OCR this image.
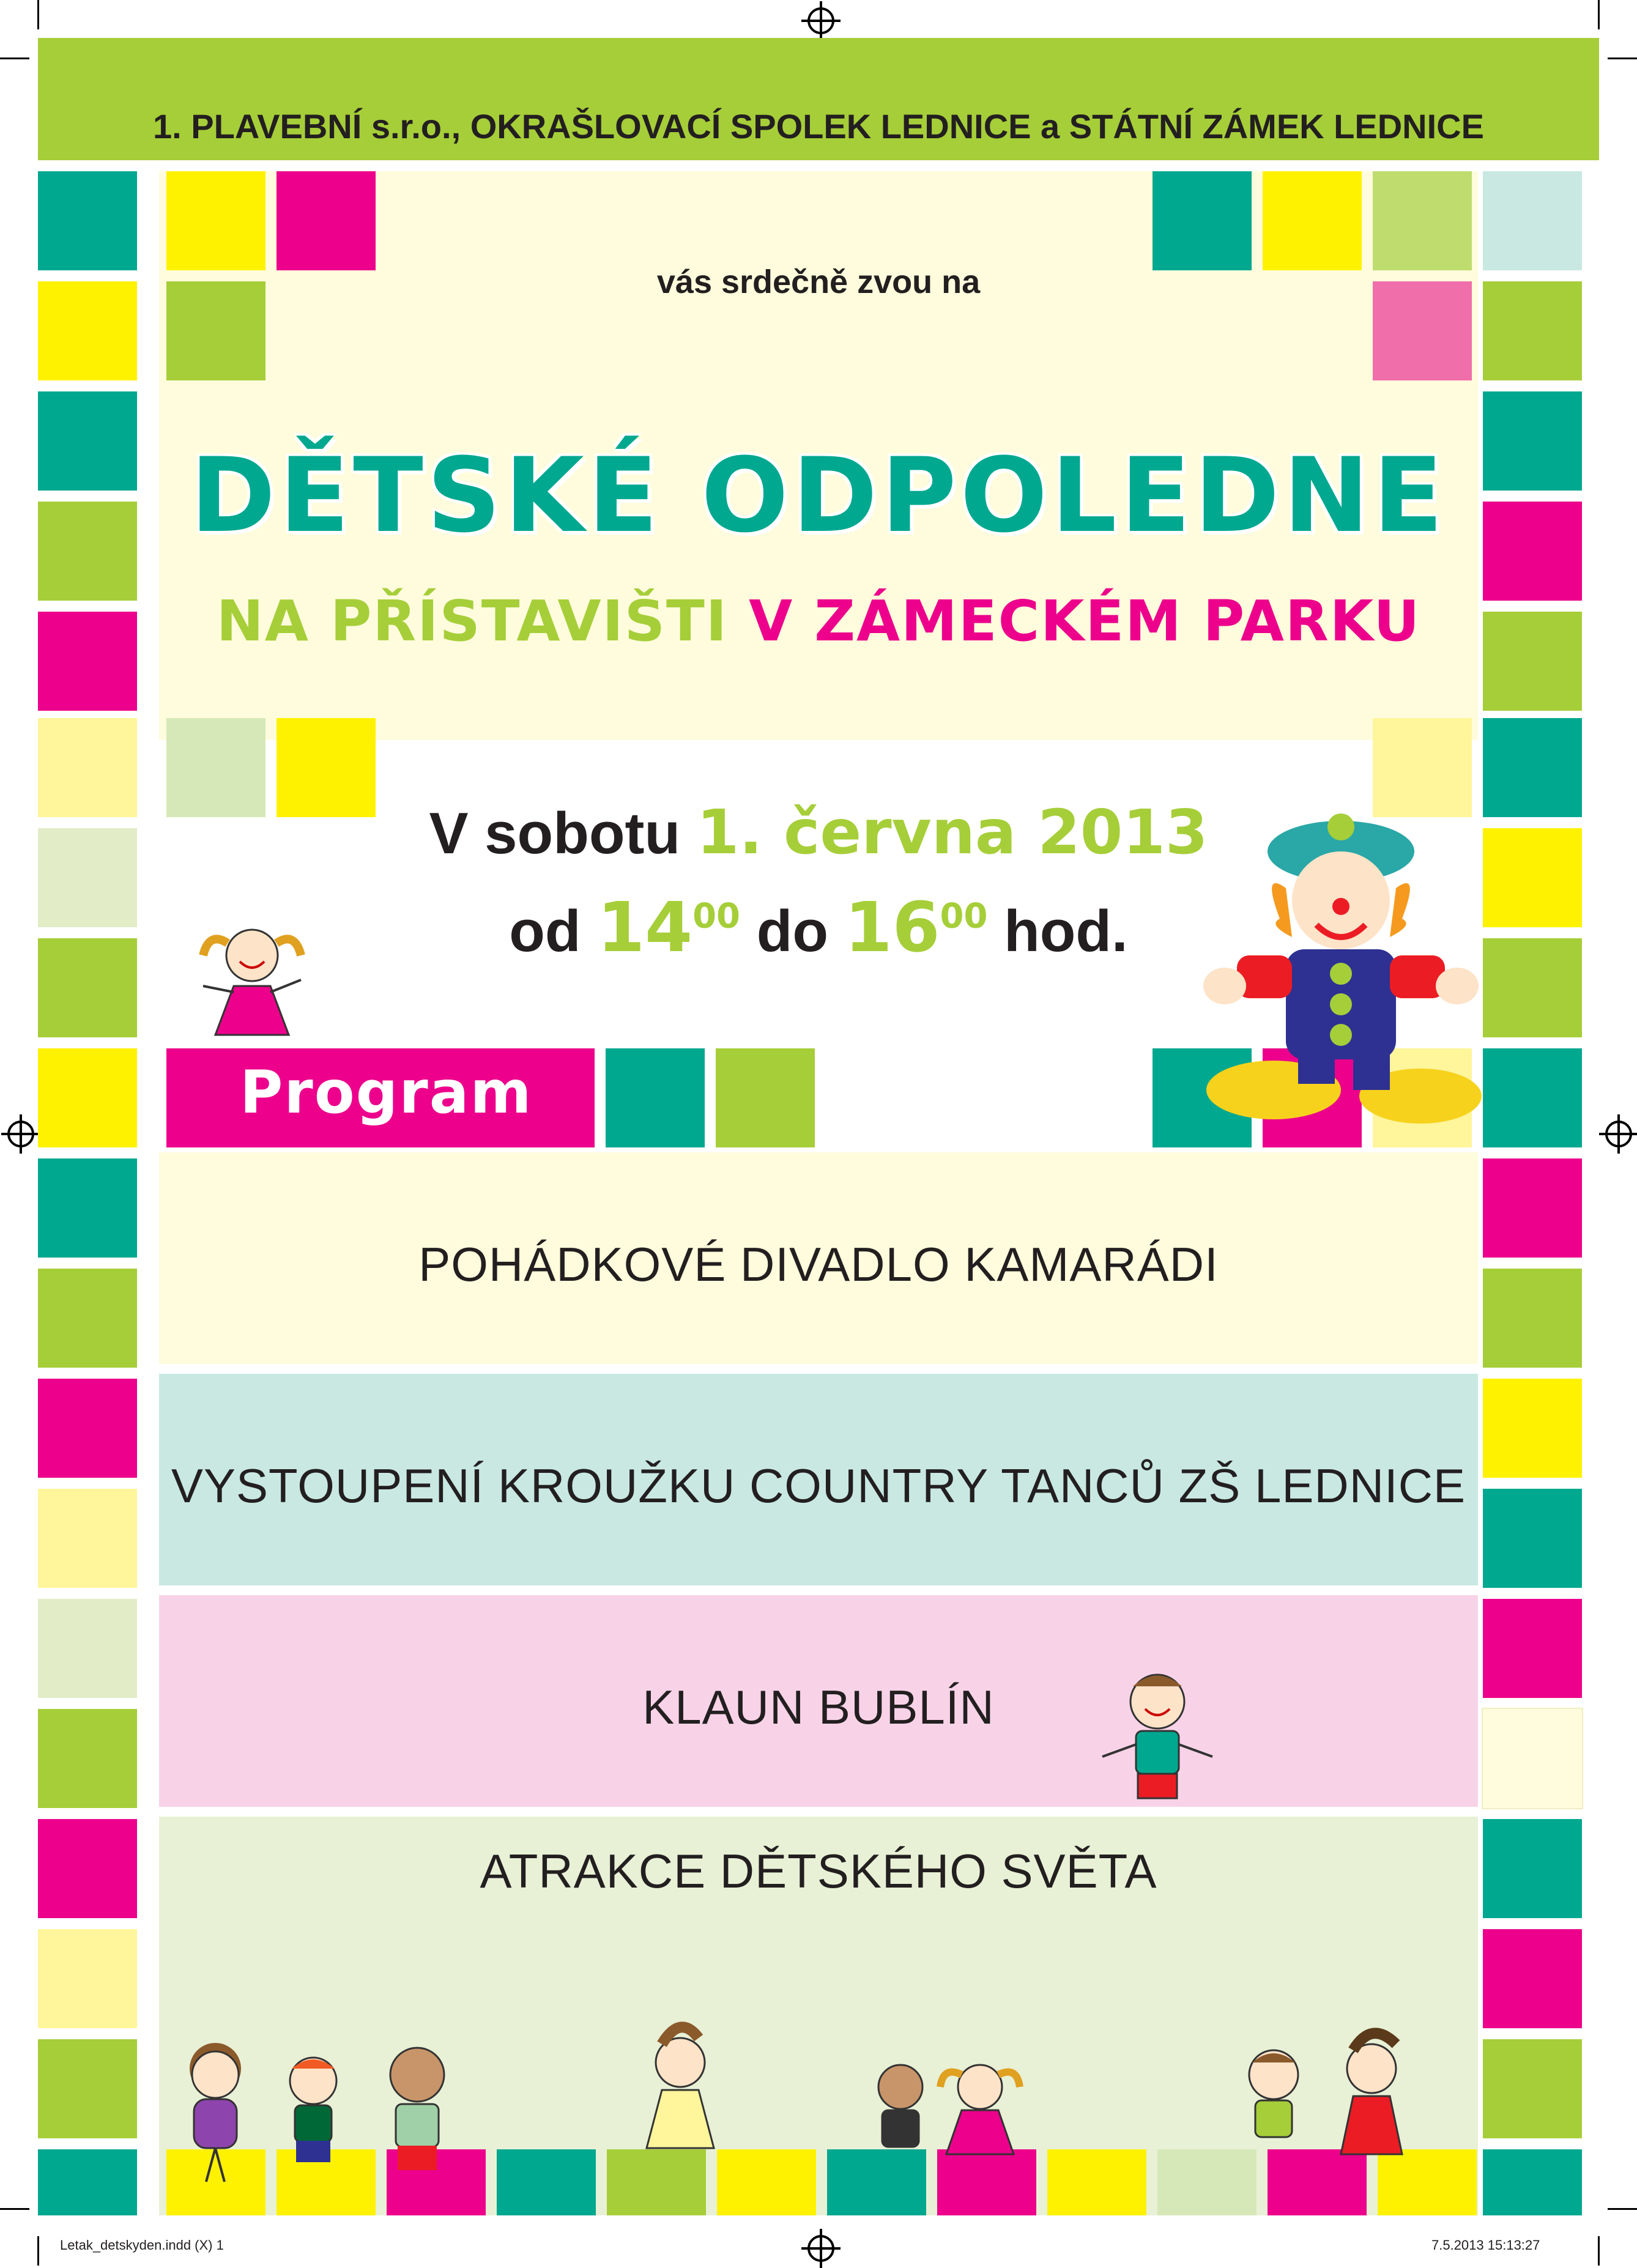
1. PLAVEBNÍ s.r.o., OKRAŠLOVACÍ SPOLEK LEDNICE a STÁTNÍ ZÁMEK LEDNICE
Program
vás srdečně zvou na
DĚTSKÉ ODPOLEDNE
NA PŘÍSTAVIŠTI V ZÁMECKÉM PARKU
V sobotu 1. června 2013
od $14^{00}$ do $16^{00}$ hod.
POHÁDKOVÉ DIVADLO KAMARÁDI
VYSTOUPENÍ KROUŽKU COUNTRY TANCŮ ZŠ LEDNICE
KLAUN BUBLÍN
ATRAKCE DĚTSKÉHO SVĚTA
Letak_detskyden.indd (X) 1	7.5.2013 15:13:27
